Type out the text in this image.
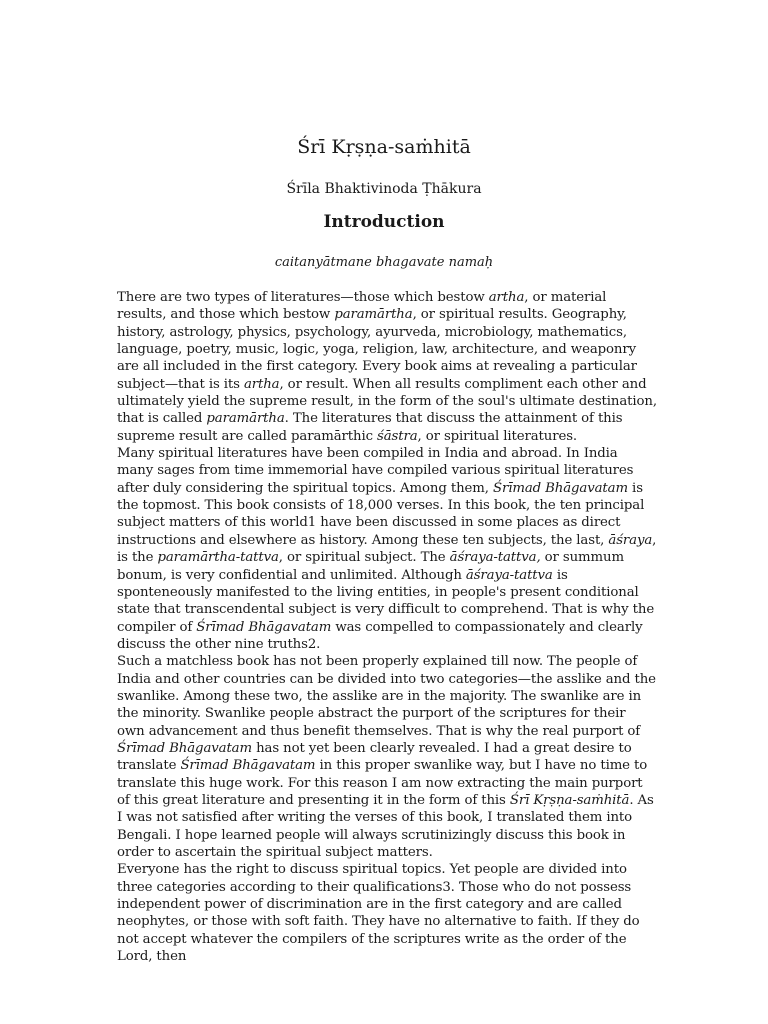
Śrī Kṛṣṇa-saṁhitā
Śrīla Bhaktivinoda Ṭhākura
Introduction
caitanyātmane bhagavate namaḥ

There are two types of literatures—those which bestow artha, or material results, and those which bestow paramārtha, or spiritual results. Geography, history, astrology, physics, psychology, ayurveda, microbiology, mathematics, language, poetry, music, logic, yoga, religion, law, architecture, and weaponry are all included in the first category. Every book aims at revealing a particular subject—that is its artha, or result. When all results compliment each other and ultimately yield the supreme result, in the form of the soul's ultimate destination, that is called paramārtha. The literatures that discuss the attainment of this supreme result are called paramārthic śāstra, or spiritual literatures.

Many spiritual literatures have been compiled in India and abroad. In India many sages from time immemorial have compiled various spiritual literatures after duly considering the spiritual topics. Among them, Śrīmad Bhāgavatam is the topmost. This book consists of 18,000 verses. In this book, the ten principal subject matters of this world1 have been discussed in some places as direct instructions and elsewhere as history. Among these ten subjects, the last, āśraya, is the paramārtha-tattva, or spiritual subject. The āśraya-tattva, or summum bonum, is very confidential and unlimited. Although āśraya-tattva is sponteneously manifested to the living entities, in people's present conditional state that transcendental subject is very difficult to comprehend. That is why the compiler of Śrīmad Bhāgavatam was compelled to compassionately and clearly discuss the other nine truths2.

Such a matchless book has not been properly explained till now. The people of India and other countries can be divided into two categories—the asslike and the swanlike. Among these two, the asslike are in the majority. The swanlike are in the minority. Swanlike people abstract the purport of the scriptures for their own advancement and thus benefit themselves. That is why the real purport of Śrīmad Bhāgavatam has not yet been clearly revealed. I had a great desire to translate Śrīmad Bhāgavatam in this proper swanlike way, but I have no time to translate this huge work. For this reason I am now extracting the main purport of this great literature and presenting it in the form of this Śrī Kṛṣṇa-saṁhitā. As I was not satisfied after writing the verses of this book, I translated them into Bengali. I hope learned people will always scrutinizingly discuss this book in order to ascertain the spiritual subject matters.

Everyone has the right to discuss spiritual topics. Yet people are divided into three categories according to their qualifications3. Those who do not possess independent power of discrimination are in the first category and are called neophytes, or those with soft faith. They have no alternative to faith. If they do not accept whatever the compilers of the scriptures write as the order of the Lord, then
